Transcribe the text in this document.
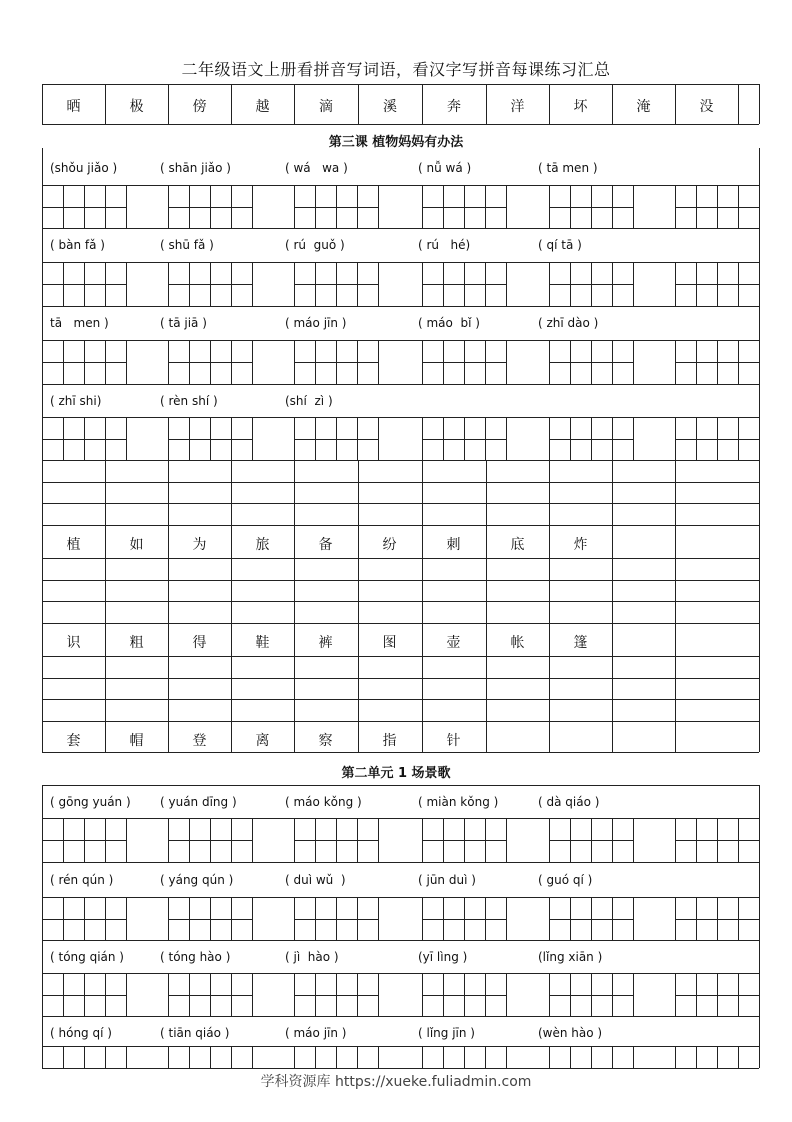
二年级语文上册看拼音写词语，看汉字写拼音每课练习汇总
晒	极	傍	越	滴	溪	奔	洋	坏	淹	没
第三课 植物妈妈有办法
(shǒu jiǎo )	( shān jiǎo )	( wá   wa )	( nǚ wá )	( tā men )
( bàn fǎ )	( shū fǎ )	( rú  guǒ )	( rú   hé)	( qí tā )
tā   men )	( tā jiā )	( máo jīn )	( máo  bǐ )	( zhī dào )
( zhī shi)	( rèn shí )	(shí  zì )
植	如	为	旅	备	纷	刺	底	炸
识	粗	得	鞋	裤	图	壶	帐	篷
套	帽	登	离	察	指	针
第二单元 1 场景歌
( gōng yuán ) ( yuán dīng )	( máo kǒng )	( miàn kǒng )	( dà qiáo )
( rén qún )	( yáng qún )	( duì wǔ  )	( jūn duì )	( guó qí )
( tóng qián )	( tóng hào )	( jì  hào )	(yī lìng )	(lǐng xiān )
( hóng qí )	( tiān qiáo )	( máo jīn )	( lǐng jīn )	(wèn hào )
学科资源库 https://xueke.fuliadmin.com
